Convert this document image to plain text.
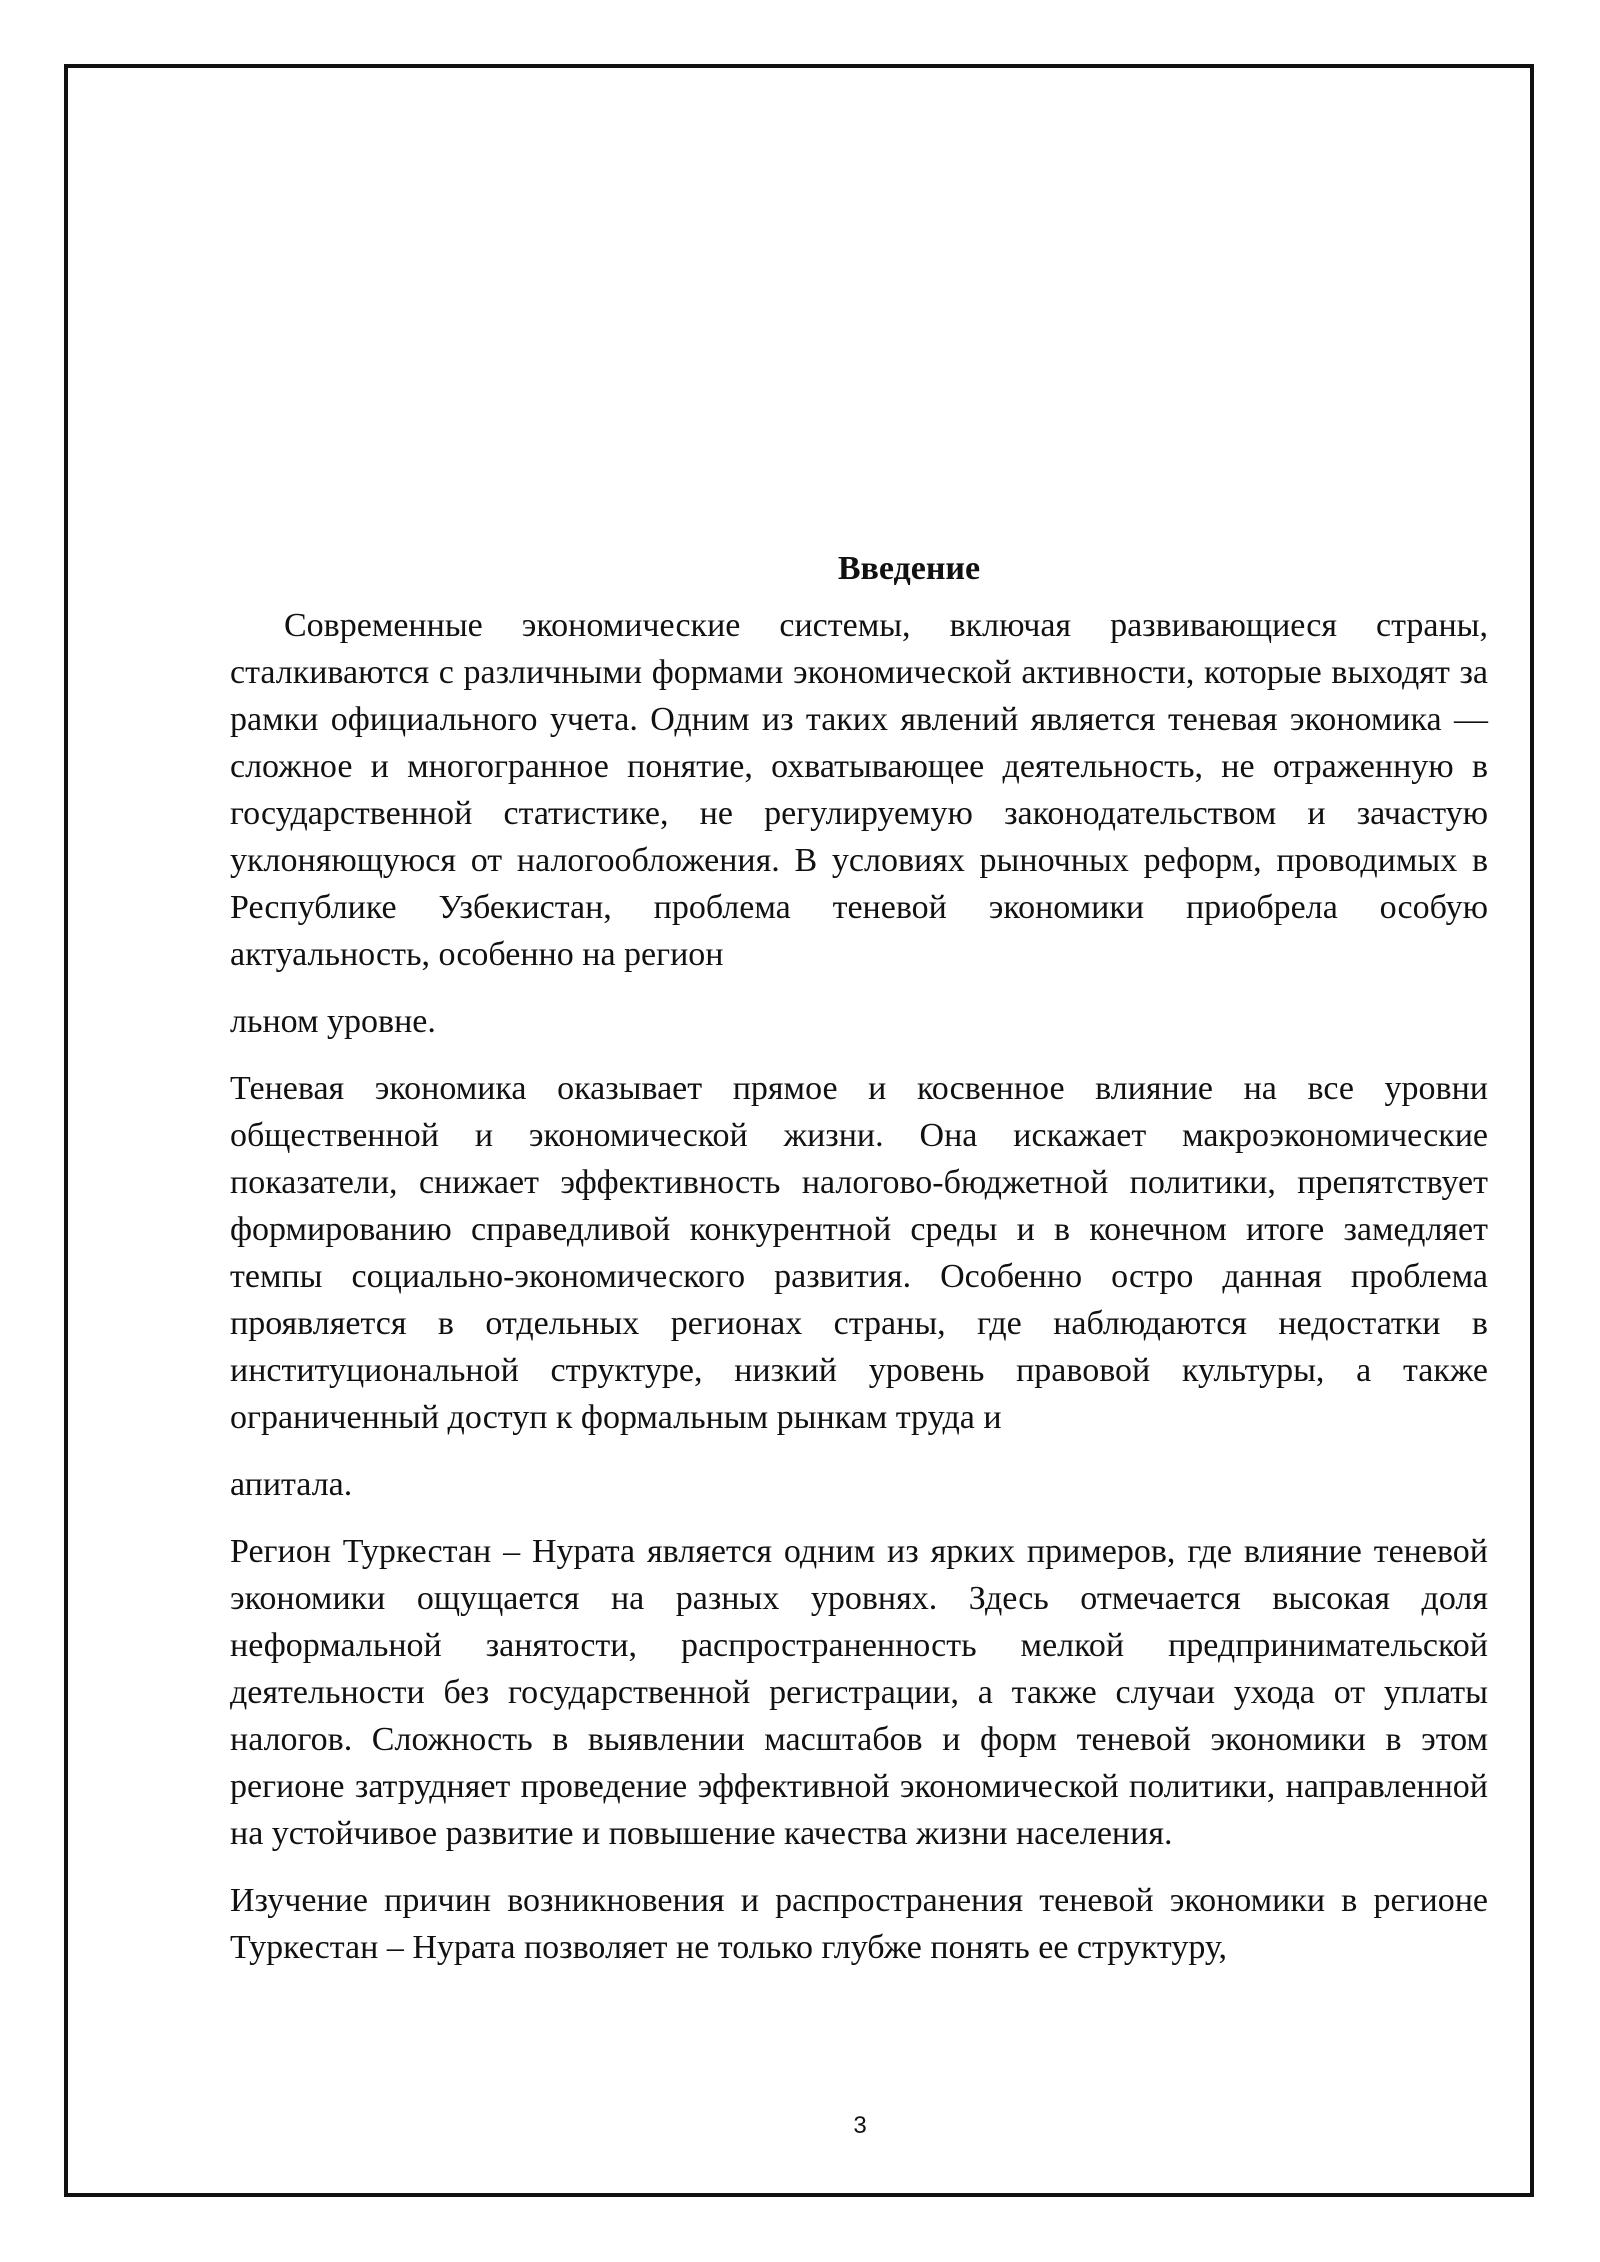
Введение

Современные экономические системы, включая развивающиеся страны, сталкиваются с различными формами экономической активности, которые выходят за рамки официального учета. Одним из таких явлений является теневая экономика — сложное и многогранное понятие, охватывающее деятельность, не отраженную в государственной статистике, не регулируемую законодательством и зачастую уклоняющуюся от налогообложения. В условиях рыночных реформ, проводимых в Республике Узбекистан, проблема теневой экономики приобрела особую актуальность, особенно на регион

льном уровне.

Теневая экономика оказывает прямое и косвенное влияние на все уровни общественной и экономической жизни. Она искажает макроэкономические показатели, снижает эффективность налогово-бюджетной политики, препятствует формированию справедливой конкурентной среды и в конечном итоге замедляет темпы социально-экономического развития. Особенно остро данная проблема проявляется в отдельных регионах страны, где наблюдаются недостатки в институциональной структуре, низкий уровень правовой культуры, а также ограниченный доступ к формальным рынкам труда и

апитала.

Регион Туркестан – Нурата является одним из ярких примеров, где влияние теневой экономики ощущается на разных уровнях. Здесь отмечается высокая доля неформальной занятости, распространенность мелкой предпринимательской деятельности без государственной регистрации, а также случаи ухода от уплаты налогов. Сложность в выявлении масштабов и форм теневой экономики в этом регионе затрудняет проведение эффективной экономической политики, направленной на устойчивое развитие и повышение качества жизни населения.

Изучение причин возникновения и распространения теневой экономики в регионе Туркестан – Нурата позволяет не только глубже понять ее структуру,

3
